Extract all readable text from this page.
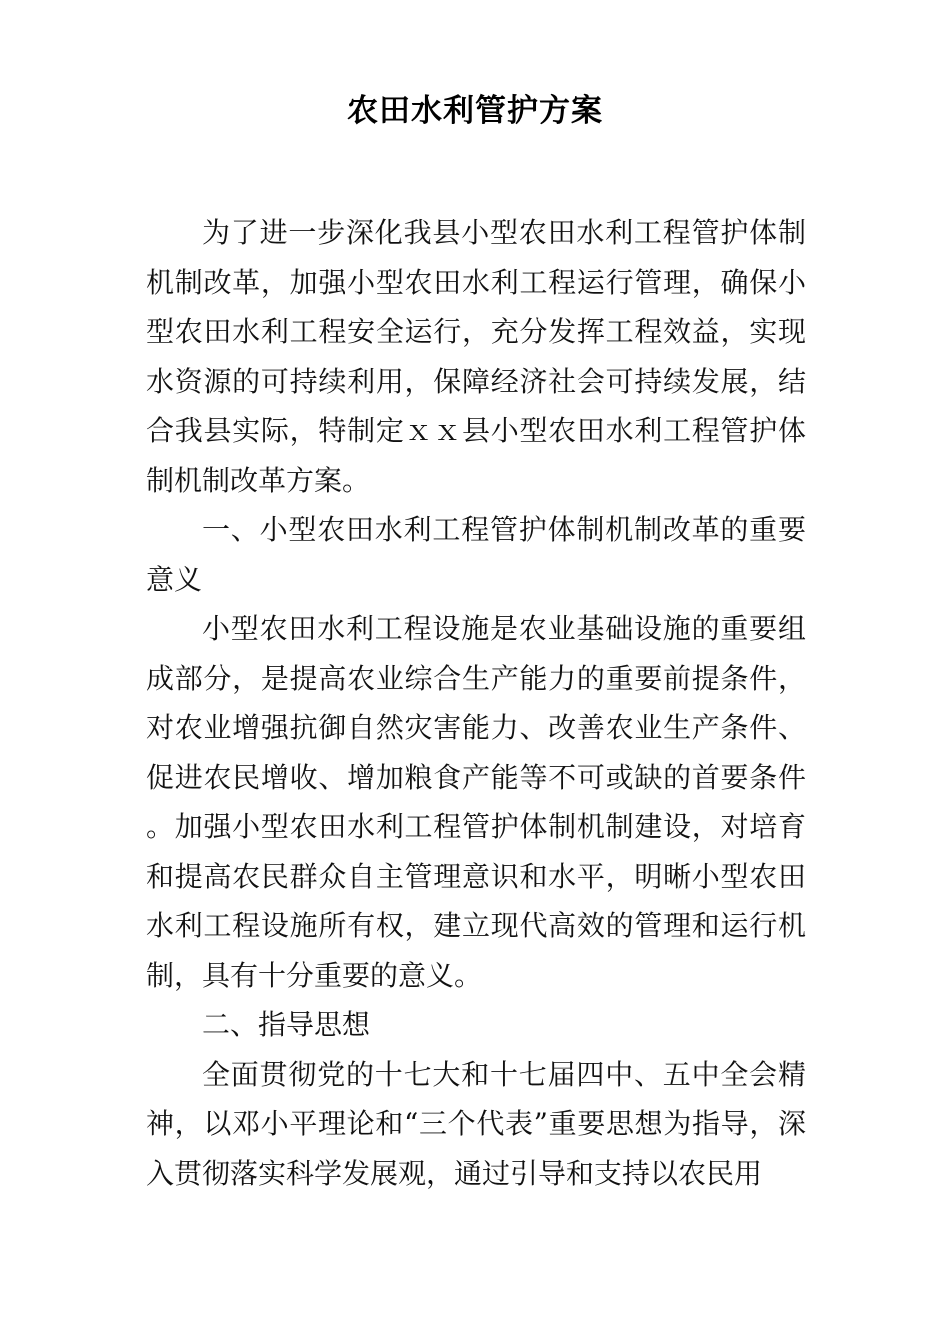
农田水利管护方案

为了进一步深化我县小型农田水利工程管护体制机制改革，加强小型农田水利工程运行管理，确保小型农田水利工程安全运行，充分发挥工程效益，实现水资源的可持续利用，保障经济社会可持续发展，结合我县实际，特制定ｘｘ县小型农田水利工程管护体制机制改革方案。

一、小型农田水利工程管护体制机制改革的重要意义

小型农田水利工程设施是农业基础设施的重要组成部分，是提高农业综合生产能力的重要前提条件，对农业增强抗御自然灾害能力、改善农业生产条件、促进农民增收、增加粮食产能等不可或缺的首要条件。加强小型农田水利工程管护体制机制建设，对培育和提高农民群众自主管理意识和水平，明晰小型农田水利工程设施所有权，建立现代高效的管理和运行机制，具有十分重要的意义。

二、指导思想

全面贯彻党的十七大和十七届四中、五中全会精神，以邓小平理论和“三个代表”重要思想为指导，深入贯彻落实科学发展观，通过引导和支持以农民用
